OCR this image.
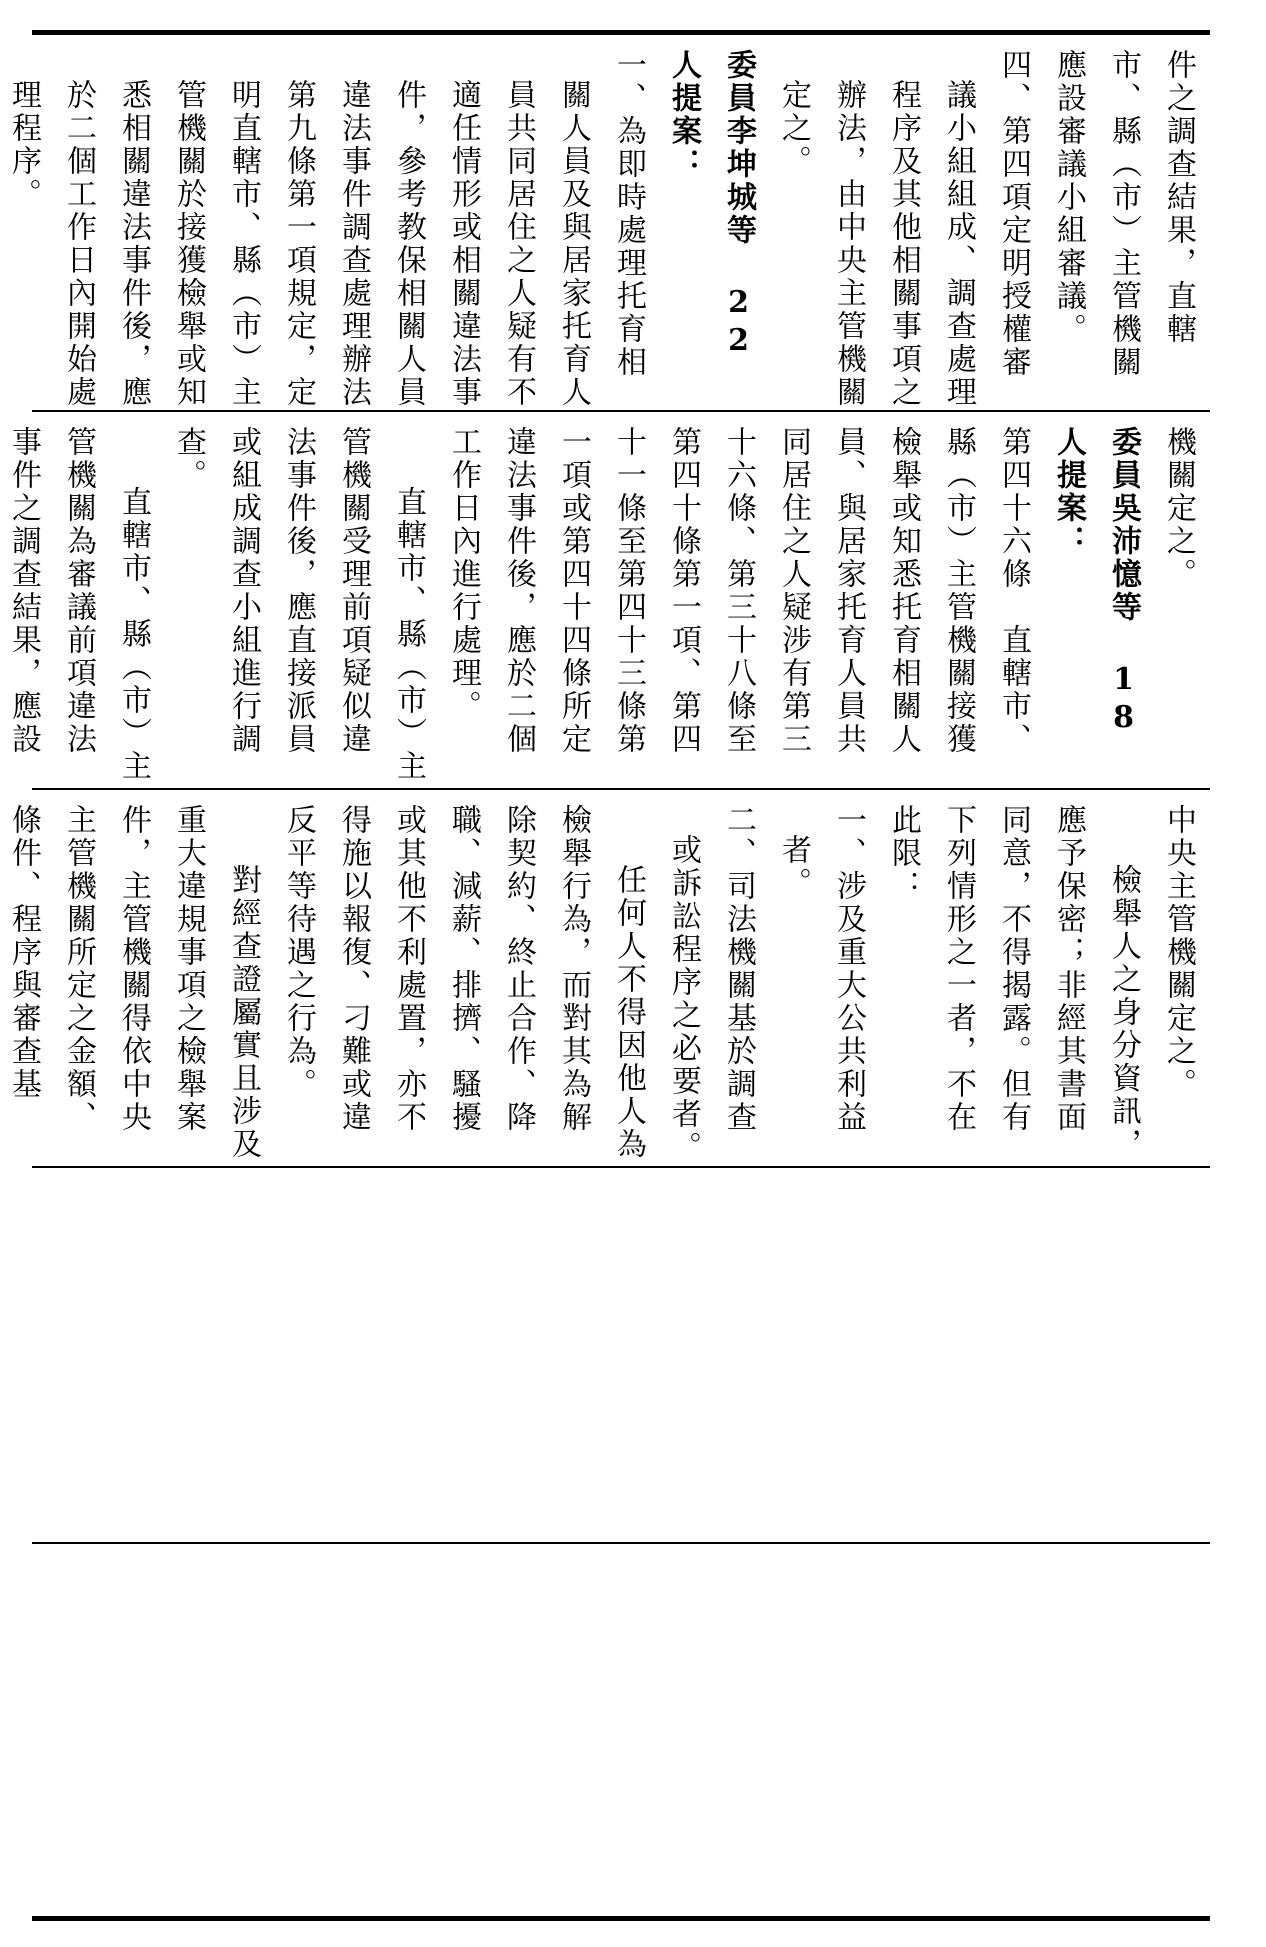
件之調查結果，直轄市、縣（市）主管機關應設審議小組審議。

四、第四項定明授權審議小組組成、調查處理程序及其他相關事項之辦法，由中央主管機關定之。

委員李坤城等 22 人提案：

一、為即時處理托育相關人員及與居家托育人員共同居住之人疑有不適任情形或相關違法事件，參考教保相關人員違法事件調查處理辦法第九條第一項規定，定明直轄市、縣（市）主管機關於接獲檢舉或知悉相關違法事件後，應於二個工作日內開始處理程序。

機關定之。

委員吳沛憶等 18 人提案：

第四十六條　直轄市、縣（市）主管機關接獲檢舉或知悉托育相關人員、與居家托育人員共同居住之人疑涉有第三十六條、第三十八條至第四十條第一項、第四十一條至第四十三條第一項或第四十四條所定違法事件後，應於二個工作日內進行處理。

直轄市、縣（市）主管機關受理前項疑似違法事件後，應直接派員或組成調查小組進行調查。

直轄市、縣（市）主管機關為審議前項違法事件之調查結果，應設

中央主管機關定之。

檢舉人之身分資訊，應予保密；非經其書面同意，不得揭露。但有下列情形之一者，不在此限：

一、涉及重大公共利益者。

二、司法機關基於調查或訴訟程序之必要者。

任何人不得因他人為檢舉行為，而對其為解除契約、終止合作、降職、減薪、排擠、騷擾或其他不利處置，亦不得施以報復、刁難或違反平等待遇之行為。

對經查證屬實且涉及重大違規事項之檢舉案件，主管機關得依中央主管機關所定之金額、條件、程序與審查基
